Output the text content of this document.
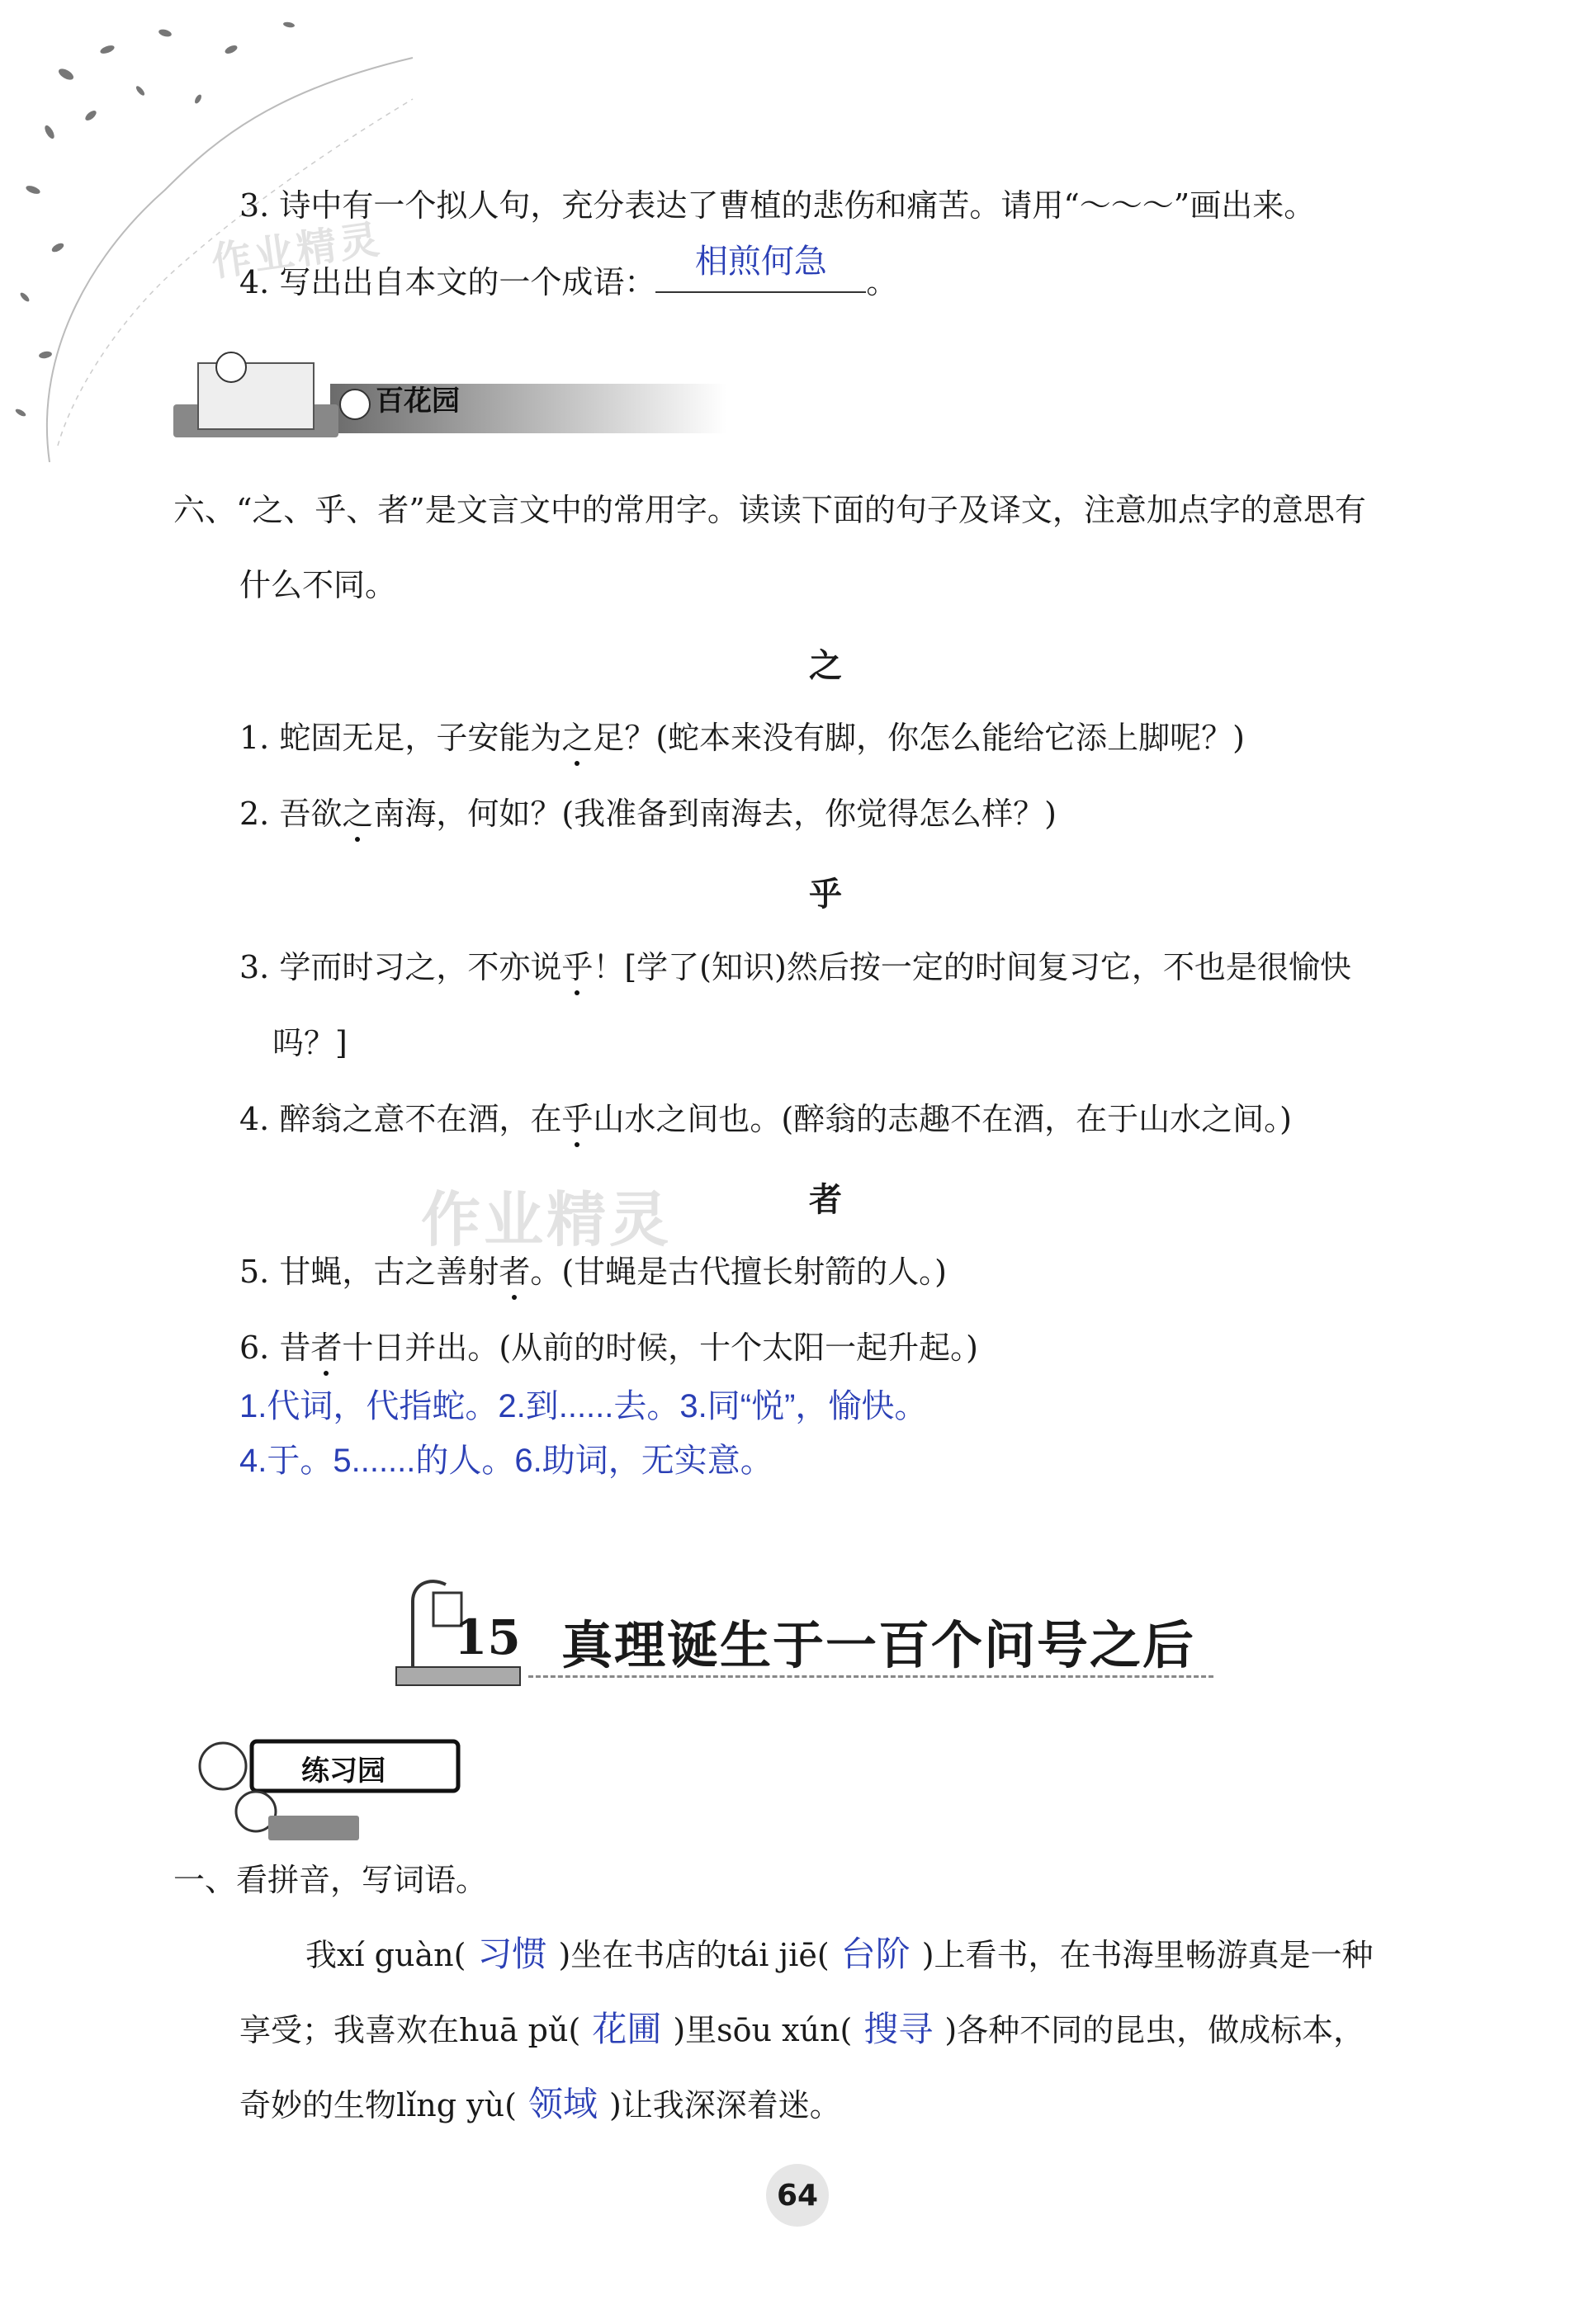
作业精灵
作业精灵
3. 诗中有一个拟人句，充分表达了曹植的悲伤和痛苦。请用“～～～”画出来。
4. 写出出自本文的一个成语：
相煎何急
。
百花园
六、“之、乎、者”是文言文中的常用字。读读下面的句子及译文，注意加点字的意思有
什么不同。
之
1. 蛇固无足，子安能为之足？(蛇本来没有脚，你怎么能给它添上脚呢？)
2. 吾欲之南海，何如？(我准备到南海去，你觉得怎么样？)
乎
3. 学而时习之，不亦说乎！[学了(知识)然后按一定的时间复习它，不也是很愉快
吗？]
4. 醉翁之意不在酒，在乎山水之间也。(醉翁的志趣不在酒，在于山水之间。)
者
5. 甘蝇，古之善射者。(甘蝇是古代擅长射箭的人。)
6. 昔者十日并出。(从前的时候，十个太阳一起升起。)
1.代词，代指蛇。2.到......去。3.同“悦”，愉快。
4.于。5.......的人。6.助词，无实意。
15 真理诞生于一百个问号之后
练习园
一、看拼音，写词语。
我xí guàn( 习惯 )坐在书店的tái jiē( 台阶 )上看书，在书海里畅游真是一种
享受；我喜欢在huā pǔ( 花圃 )里sōu xún( 搜寻 )各种不同的昆虫，做成标本，
奇妙的生物lǐng yù( 领域 )让我深深着迷。
64
